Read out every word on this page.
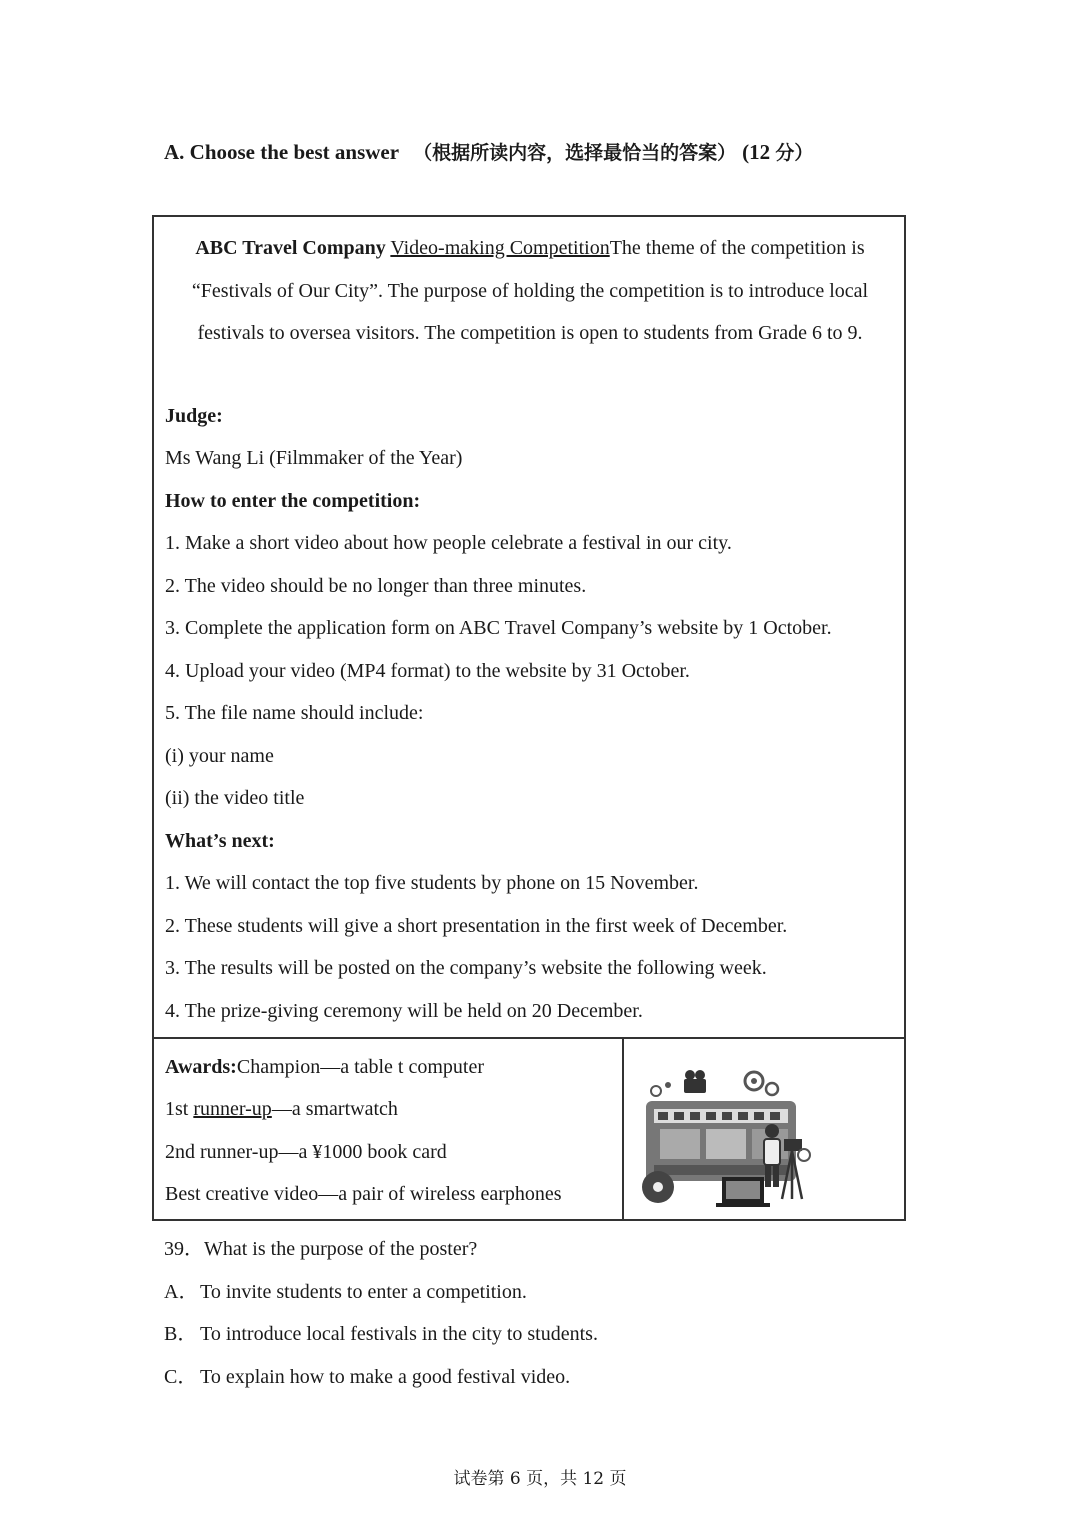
A. Choose the best answer （根据所读内容，选择最恰当的答案） (12 分）
ABC Travel Company Video-making CompetitionThe theme of the competition is “Festivals of Our City”. The purpose of holding the competition is to introduce local festivals to oversea visitors. The competition is open to students from Grade 6 to 9.
Judge:
Ms Wang Li (Filmmaker of the Year)
How to enter the competition:
1. Make a short video about how people celebrate a festival in our city.
2. The video should be no longer than three minutes.
3. Complete the application form on ABC Travel Company’s website by 1 October.
4. Upload your video (MP4 format) to the website by 31 October.
5. The file name should include:
(i) your name
(ii) the video title
What’s next:
1. We will contact the top five students by phone on 15 November.
2. These students will give a short presentation in the first week of December.
3. The results will be posted on the company’s website the following week.
4. The prize-giving ceremony will be held on 20 December.
Awards:Champion—a table t computer
1st runner-up—a smartwatch
2nd runner-up—a ¥1000 book card
Best creative video—a pair of wireless earphones
39．What is the purpose of the poster?
A．To invite students to enter a competition.
B． To introduce local festivals in the city to students.
C． To explain how to make a good festival video.
试卷第 6 页，共 12 页
